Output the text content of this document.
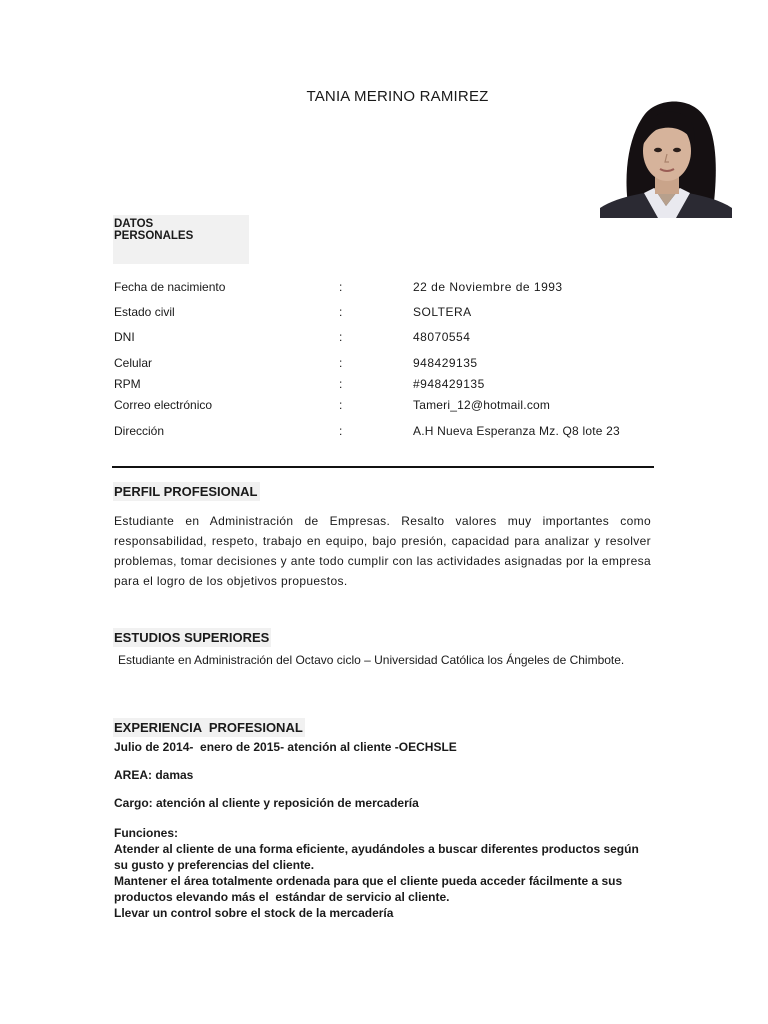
TANIA MERINO RAMIREZ
DATOS PERSONALES
Fecha de nacimiento	:	22 de Noviembre de 1993
Estado civil	:	SOLTERA
DNI	:	48070554
Celular	:	948429135
RPM	:	#948429135
Correo electrónico	:	Tameri_12@hotmail.com
Dirección	:	A.H Nueva Esperanza Mz. Q8 lote 23
PERFIL PROFESIONAL
Estudiante en Administración de Empresas. Resalto valores muy importantes como responsabilidad, respeto, trabajo en equipo, bajo presión, capacidad para analizar y resolver problemas, tomar decisiones y ante todo cumplir con las actividades asignadas por la empresa para el logro de los objetivos propuestos.
ESTUDIOS SUPERIORES
Estudiante en Administración del Octavo ciclo – Universidad Católica los Ángeles de Chimbote.
EXPERIENCIA  PROFESIONAL
Julio de 2014-  enero de 2015- atención al cliente -OECHSLE
AREA: damas
Cargo: atención al cliente y reposición de mercadería
Funciones:
Atender al cliente de una forma eficiente, ayudándoles a buscar diferentes productos según su gusto y preferencias del cliente.
Mantener el área totalmente ordenada para que el cliente pueda acceder fácilmente a sus productos elevando más el  estándar de servicio al cliente.
Llevar un control sobre el stock de la mercadería
